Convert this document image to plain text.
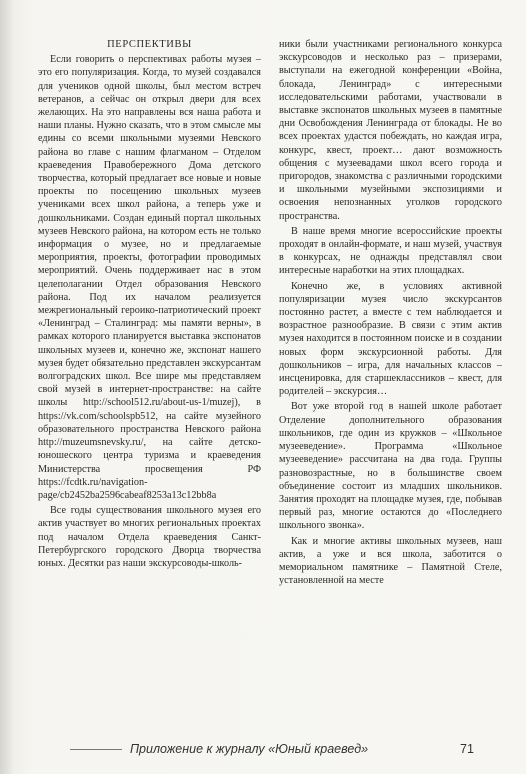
ПЕРСПЕКТИВЫ

Если говорить о перспективах работы музея – это его популяризация. Когда, то музей создавался для учеников одной школы, был местом встреч ветеранов, а сейчас он открыл двери для всех желающих. На это направлены вся наша работа и наши планы. Нужно сказать, что в этом смысле мы едины со всеми школьными музеями Невского района во главе с нашим флагманом – Отделом краеведения Правобережного Дома детского творчества, который предлагает все новые и новые проекты по посещению школьных музеев учениками всех школ района, а теперь уже и дошкольниками. Создан единый портал школьных музеев Невского района, на котором есть не только информация о музее, но и предлагаемые мероприятия, проекты, фотографии проводимых мероприятий. Очень поддерживает нас в этом целеполагании Отдел образования Невского района. Под их началом реализуется межрегиональный героико-патриотический проект «Ленинград – Сталинград: мы памяти верны», в рамках которого планируется выставка экспонатов школьных музеев и, конечно же, экспонат нашего музея будет обязательно представлен экскурсантам волгоградских школ. Все шире мы представляем свой музей в интернет-пространстве: на сайте школы http://school512.ru/about-us-1/muzej), в https://vk.com/schoolspb512, на сайте музейного образовательного пространства Невского района http://muzeumsnevsky.ru/, на сайте детско-юношеского центра туризма и краеведения Министерства просвещения РФ https://fcdtk.ru/navigation-page/cb2452ba2596cabeaf8253a13c12bb8a

Все годы существования школьного музея его актив участвует во многих региональных проектах под началом Отдела краеведения Санкт-Петербургского городского Дворца творчества юных. Десятки раз наши экскурсоводы-школь-

ники были участниками регионального конкурса экскурсоводов и несколько раз – призерами, выступали на ежегодной конференции «Война, блокада, Ленинград» с интересными исследовательскими работами, участвовали в выставке экспонатов школьных музеев в памятные дни Освобождения Ленинграда от блокады. Не во всех проектах удастся побеждать, но каждая игра, конкурс, квест, проект… дают возможность общения с музеевадами школ всего города и пригородов, знакомства с различными городскими и школьными музейными экспозициями и освоения непознанных уголков городского пространства.

В наше время многие всероссийские проекты проходят в онлайн-формате, и наш музей, участвуя в конкурсах, не однажды представлял свои интересные наработки на этих площадках.

Конечно же, в условиях активной популяризации музея число экскурсантов постоянно растет, а вместе с тем наблюдается и возрастное разнообразие. В связи с этим актив музея находится в постоянном поиске и в создании новых форм экскурсионной работы. Для дошкольников – игра, для начальных классов – инсценировка, для старшеклассников – квест, для родителей – экскурсия…

Вот уже второй год в нашей школе работает Отделение дополнительного образования школьников, где один из кружков – «Школьное музееведение». Программа «Школьное музееведение» рассчитана на два года. Группы разновозрастные, но в большинстве своем объединение состоит из младших школьников. Занятия проходят на площадке музея, где, побывав первый раз, многие остаются до «Последнего школьного звонка».

Как и многие активы школьных музеев, наш актив, а уже и вся школа, заботится о мемориальном памятнике – Памятной Стеле, установленной на месте

Приложение к журналу «Юный краевед»	71
